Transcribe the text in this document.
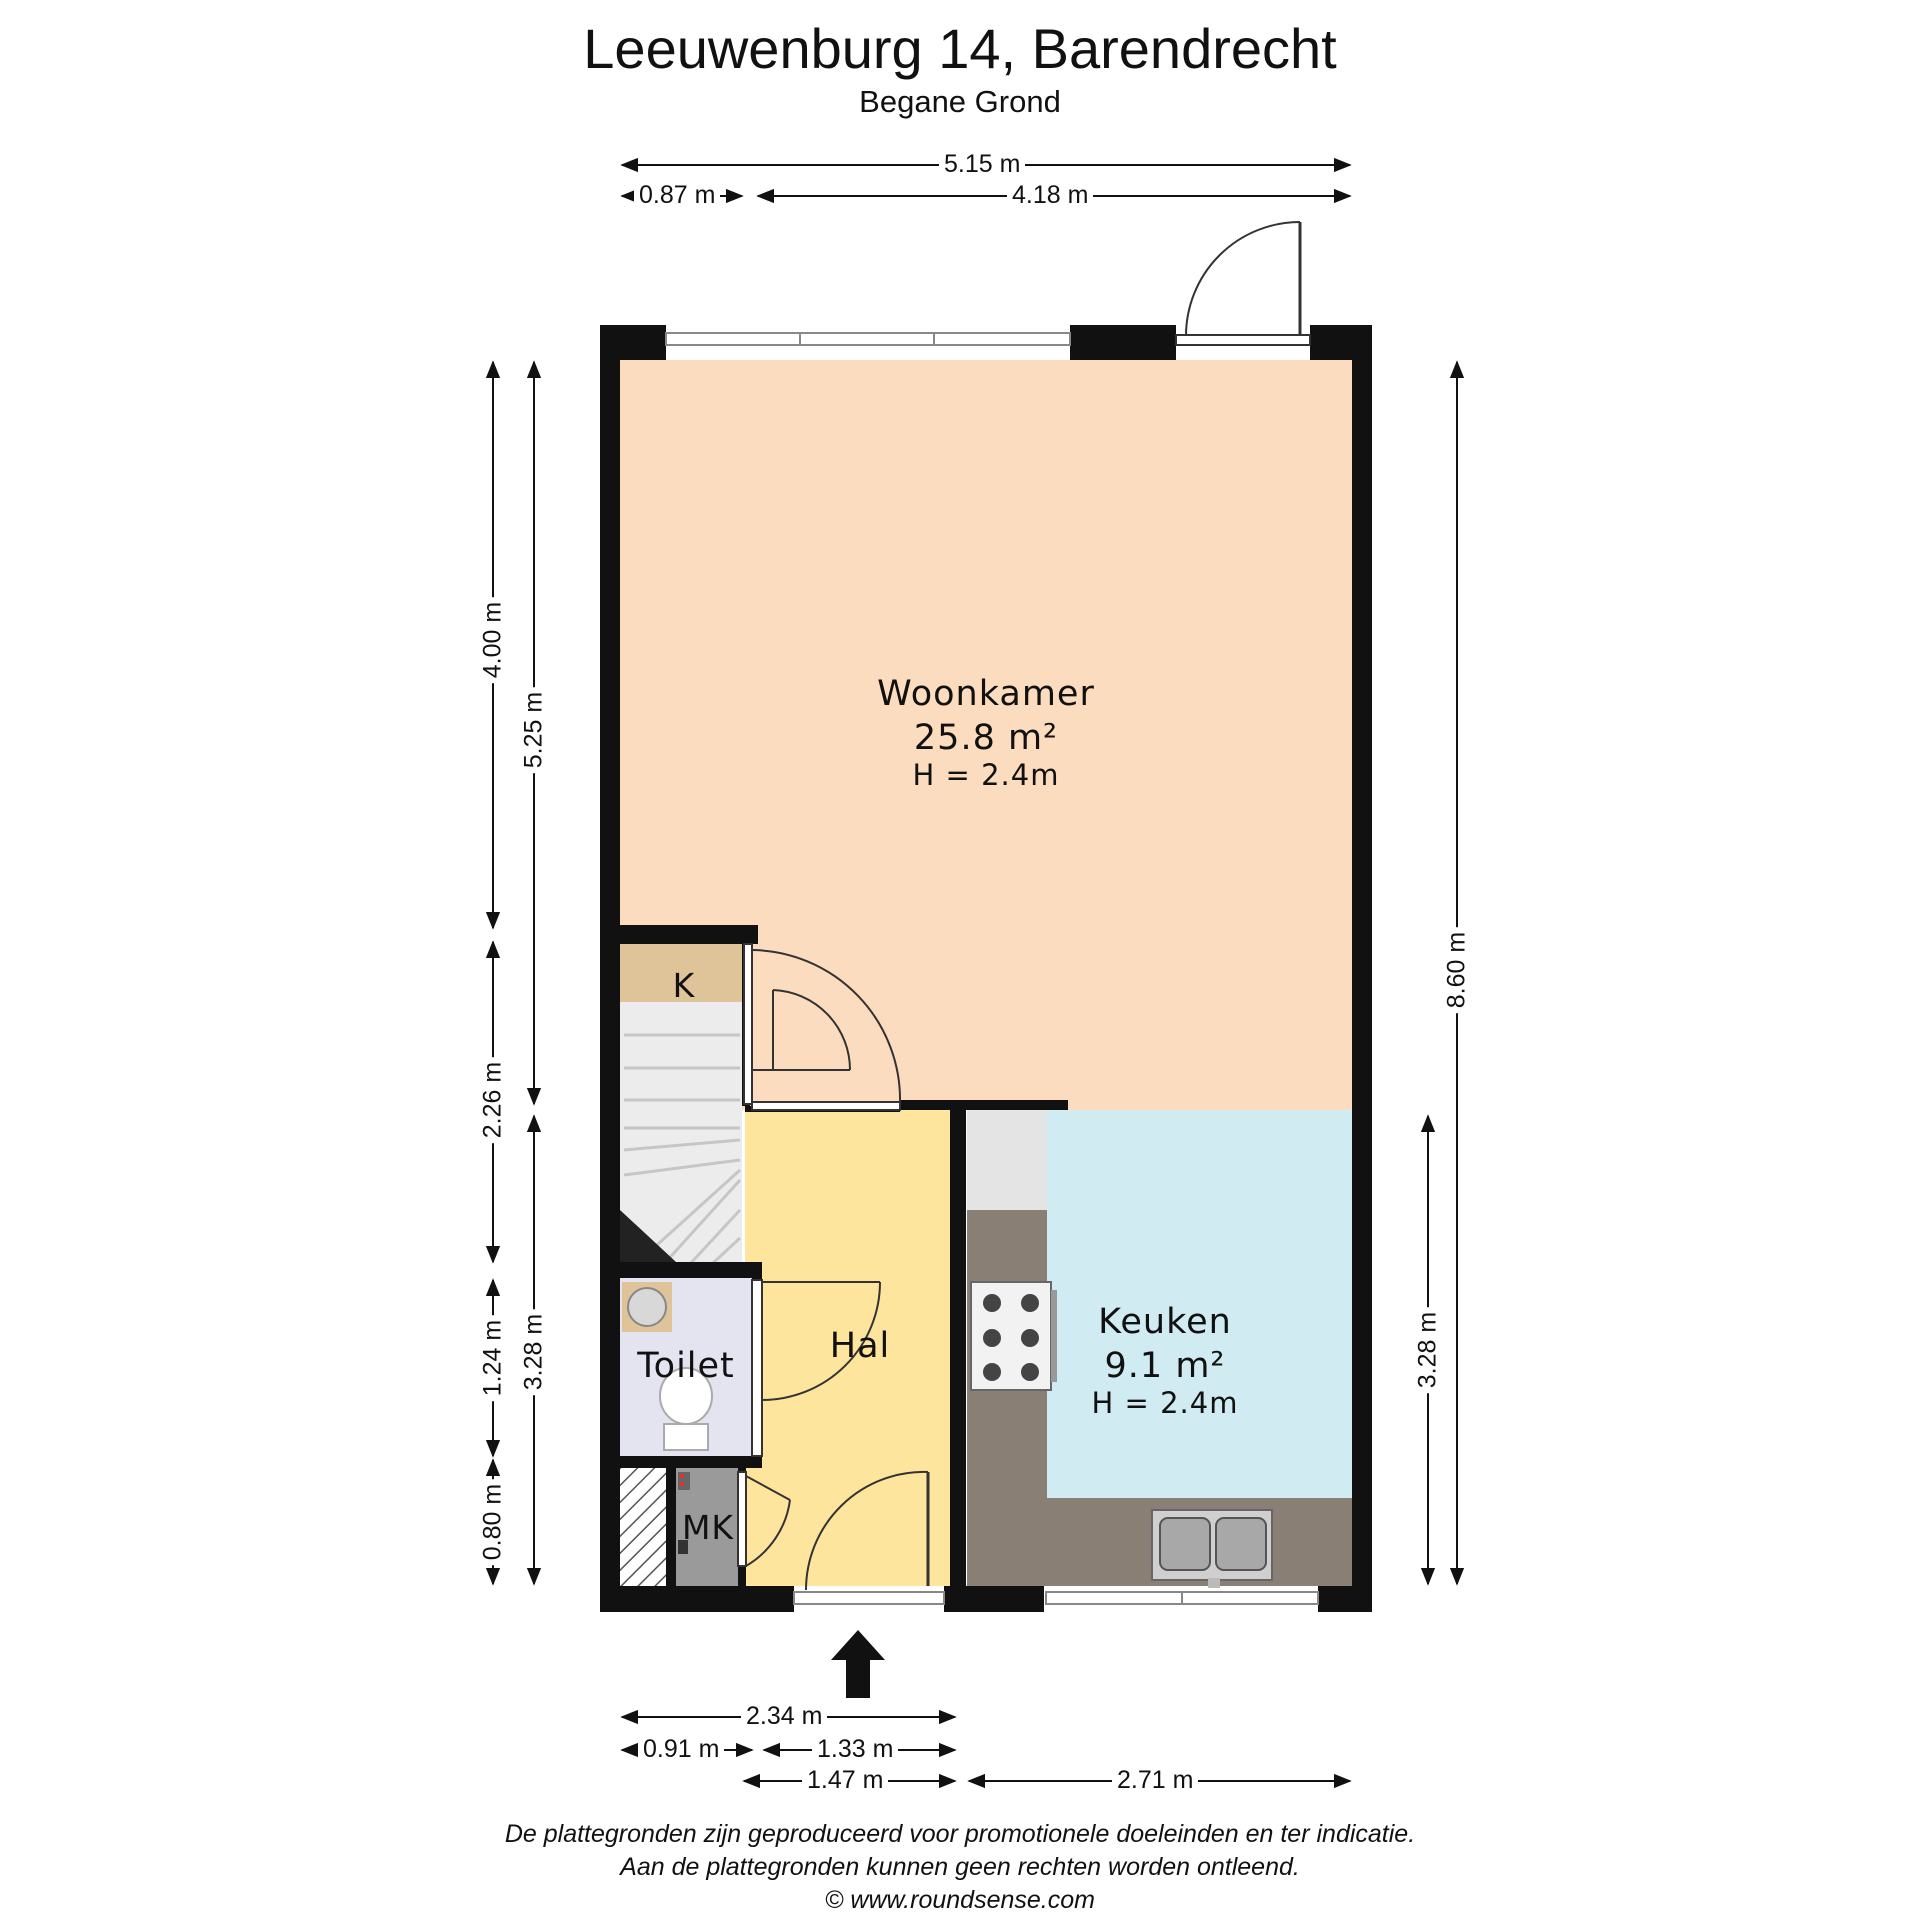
Leeuwenburg 14, Barendrecht
Begane Grond
Woonkamer
25.8 m²
H = 2.4m
Keuken
9.1 m²
H = 2.4m
Hal
Toilet
K
MK
5.15 m
0.87 m	4.18 m
2.34 m
0.91 m	1.33 m
1.47 m	2.71 m
4.00 m
2.26 m
1.24 m
0.80 m
5.25 m
3.28 m
8.60 m
3.28 m
De plattegronden zijn geproduceerd voor promotionele doeleinden en ter indicatie.
Aan de plattegronden kunnen geen rechten worden ontleend.
© www.roundsense.com
